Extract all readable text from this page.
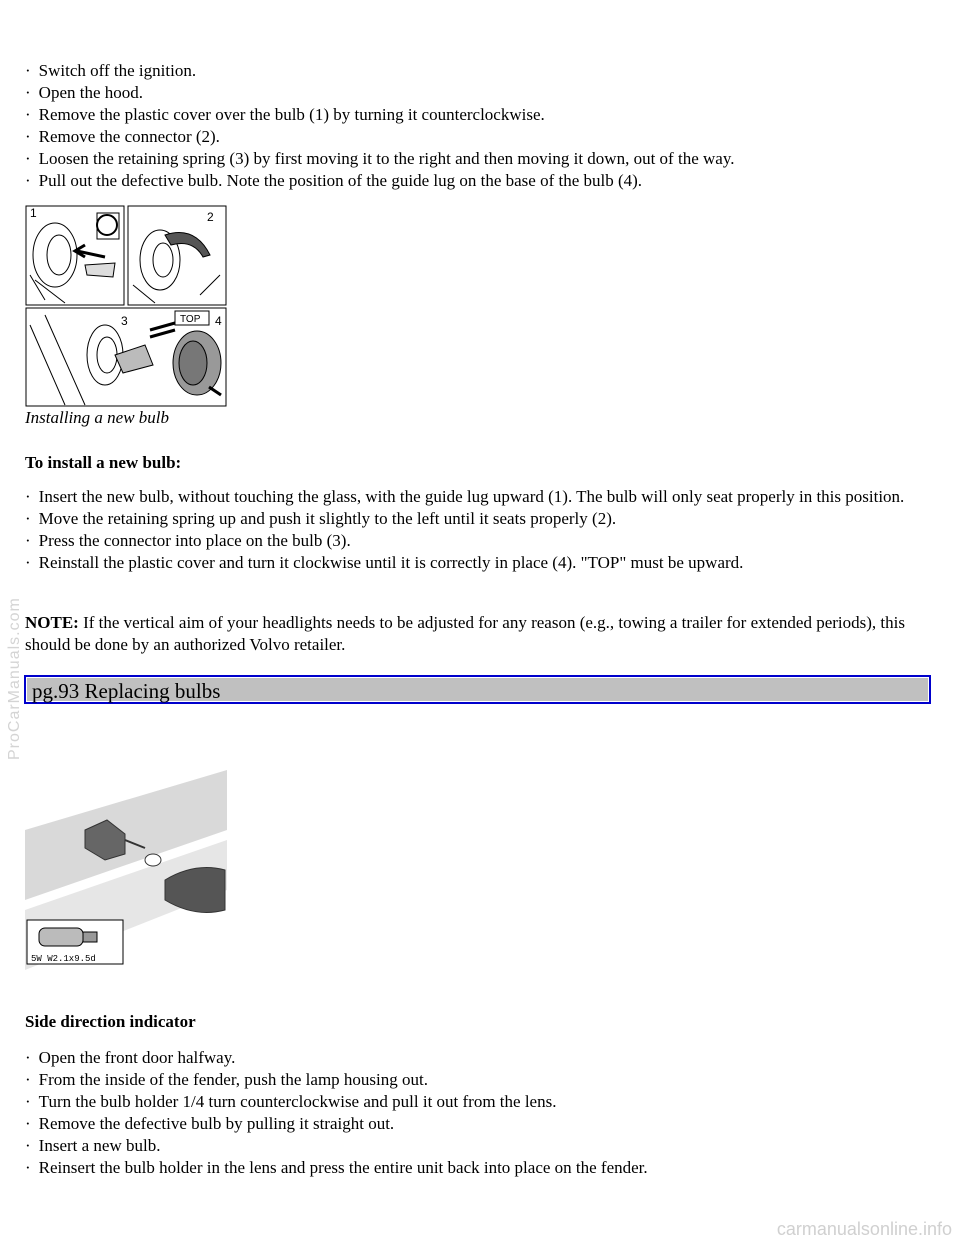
· Switch off the ignition.
· Open the hood.
· Remove the plastic cover over the bulb (1) by turning it counterclockwise.
· Remove the connector (2).
· Loosen the retaining spring (3) by first moving it to the right and then moving it down, out of the way.
· Pull out the defective bulb. Note the position of the guide lug on the base of the bulb (4).
1	2
TOP
3	4
Installing a new bulb
To install a new bulb:
· Insert the new bulb, without touching the glass, with the guide lug upward (1). The bulb will only seat properly in this position.
· Move the retaining spring up and push it slightly to the left until it seats properly (2).
· Press the connector into place on the bulb (3).
· Reinstall the plastic cover and turn it clockwise until it is correctly in place (4). "TOP" must be upward.
NOTE: If the vertical aim of your headlights needs to be adjusted for any reason (e.g., towing a trailer for extended periods), this should be done by an authorized Volvo retailer.
pg.93 Replacing bulbs
5W W2.1x9.5d
Side direction indicator
· Open the front door halfway.
· From the inside of the fender, push the lamp housing out.
· Turn the bulb holder 1/4 turn counterclockwise and pull it out from the lens.
· Remove the defective bulb by pulling it straight out.
· Insert a new bulb.
· Reinsert the bulb holder in the lens and press the entire unit back into place on the fender.
ProCarManuals.com
carmanualsonline.info
